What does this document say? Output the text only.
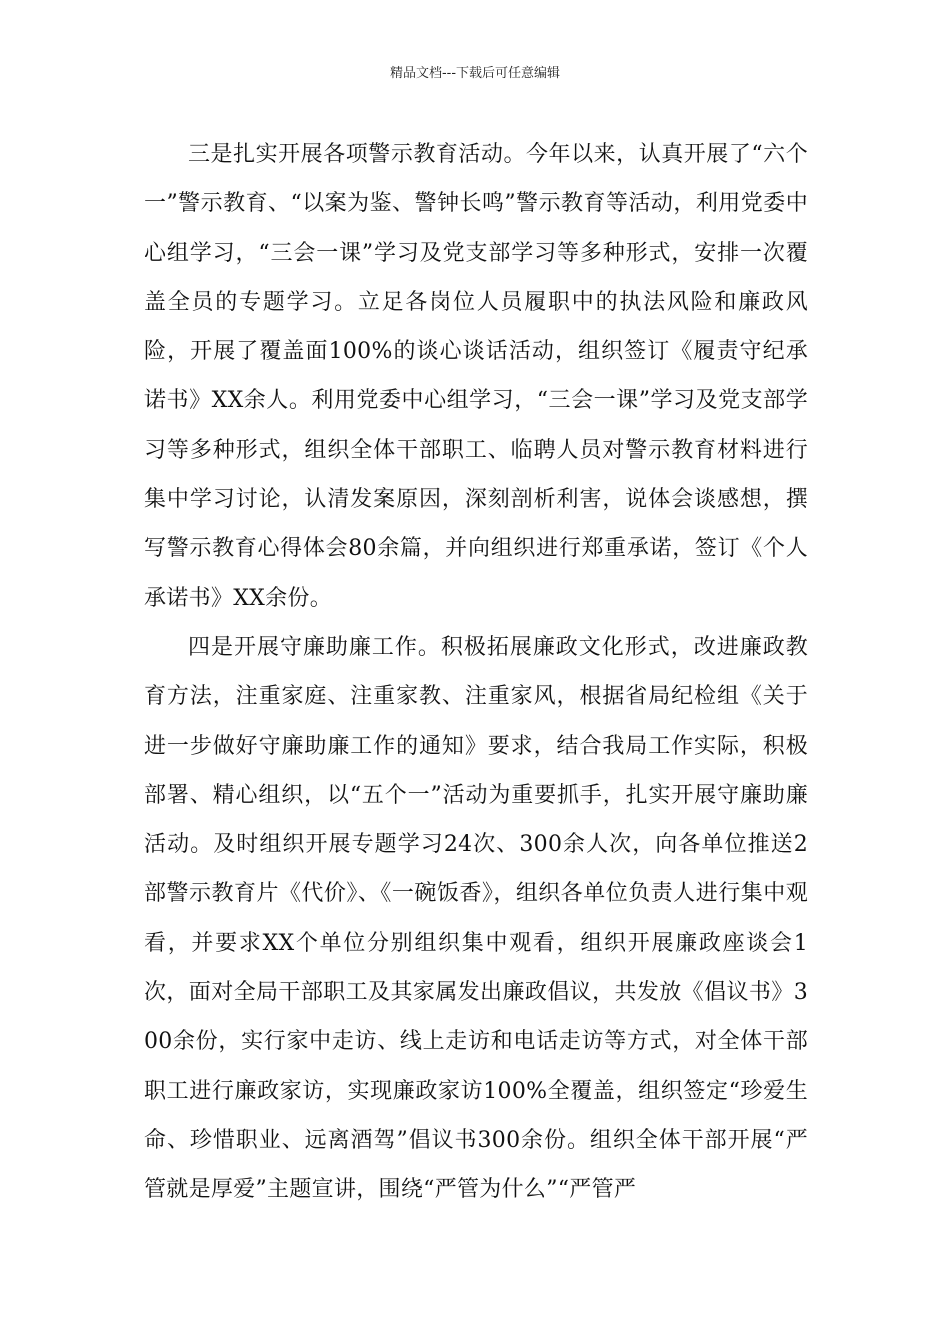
精品文档---下载后可任意编辑

三是扎实开展各项警示教育活动。今年以来，认真开展了“六个一”警示教育、“以案为鉴、警钟长鸣”警示教育等活动，利用党委中心组学习，“三会一课”学习及党支部学习等多种形式，安排一次覆盖全员的专题学习。立足各岗位人员履职中的执法风险和廉政风险，开展了覆盖面100%的谈心谈话活动，组织签订《履责守纪承诺书》XX余人。利用党委中心组学习，“三会一课”学习及党支部学习等多种形式，组织全体干部职工、临聘人员对警示教育材料进行集中学习讨论，认清发案原因，深刻剖析利害，说体会谈感想，撰写警示教育心得体会80余篇，并向组织进行郑重承诺，签订《个人承诺书》XX余份。

四是开展守廉助廉工作。积极拓展廉政文化形式，改进廉政教育方法，注重家庭、注重家教、注重家风，根据省局纪检组《关于进一步做好守廉助廉工作的通知》要求，结合我局工作实际，积极部署、精心组织，以“五个一”活动为重要抓手，扎实开展守廉助廉活动。及时组织开展专题学习24次、300余人次，向各单位推送2部警示教育片《代价》、《一碗饭香》，组织各单位负责人进行集中观看，并要求XX个单位分别组织集中观看，组织开展廉政座谈会1次，面对全局干部职工及其家属发出廉政倡议，共发放《倡议书》300余份，实行家中走访、线上走访和电话走访等方式，对全体干部职工进行廉政家访，实现廉政家访100%全覆盖，组织签定“珍爱生命、珍惜职业、远离酒驾”倡议书300余份。组织全体干部开展“严管就是厚爱”主题宣讲，围绕“严管为什么”“严管严
